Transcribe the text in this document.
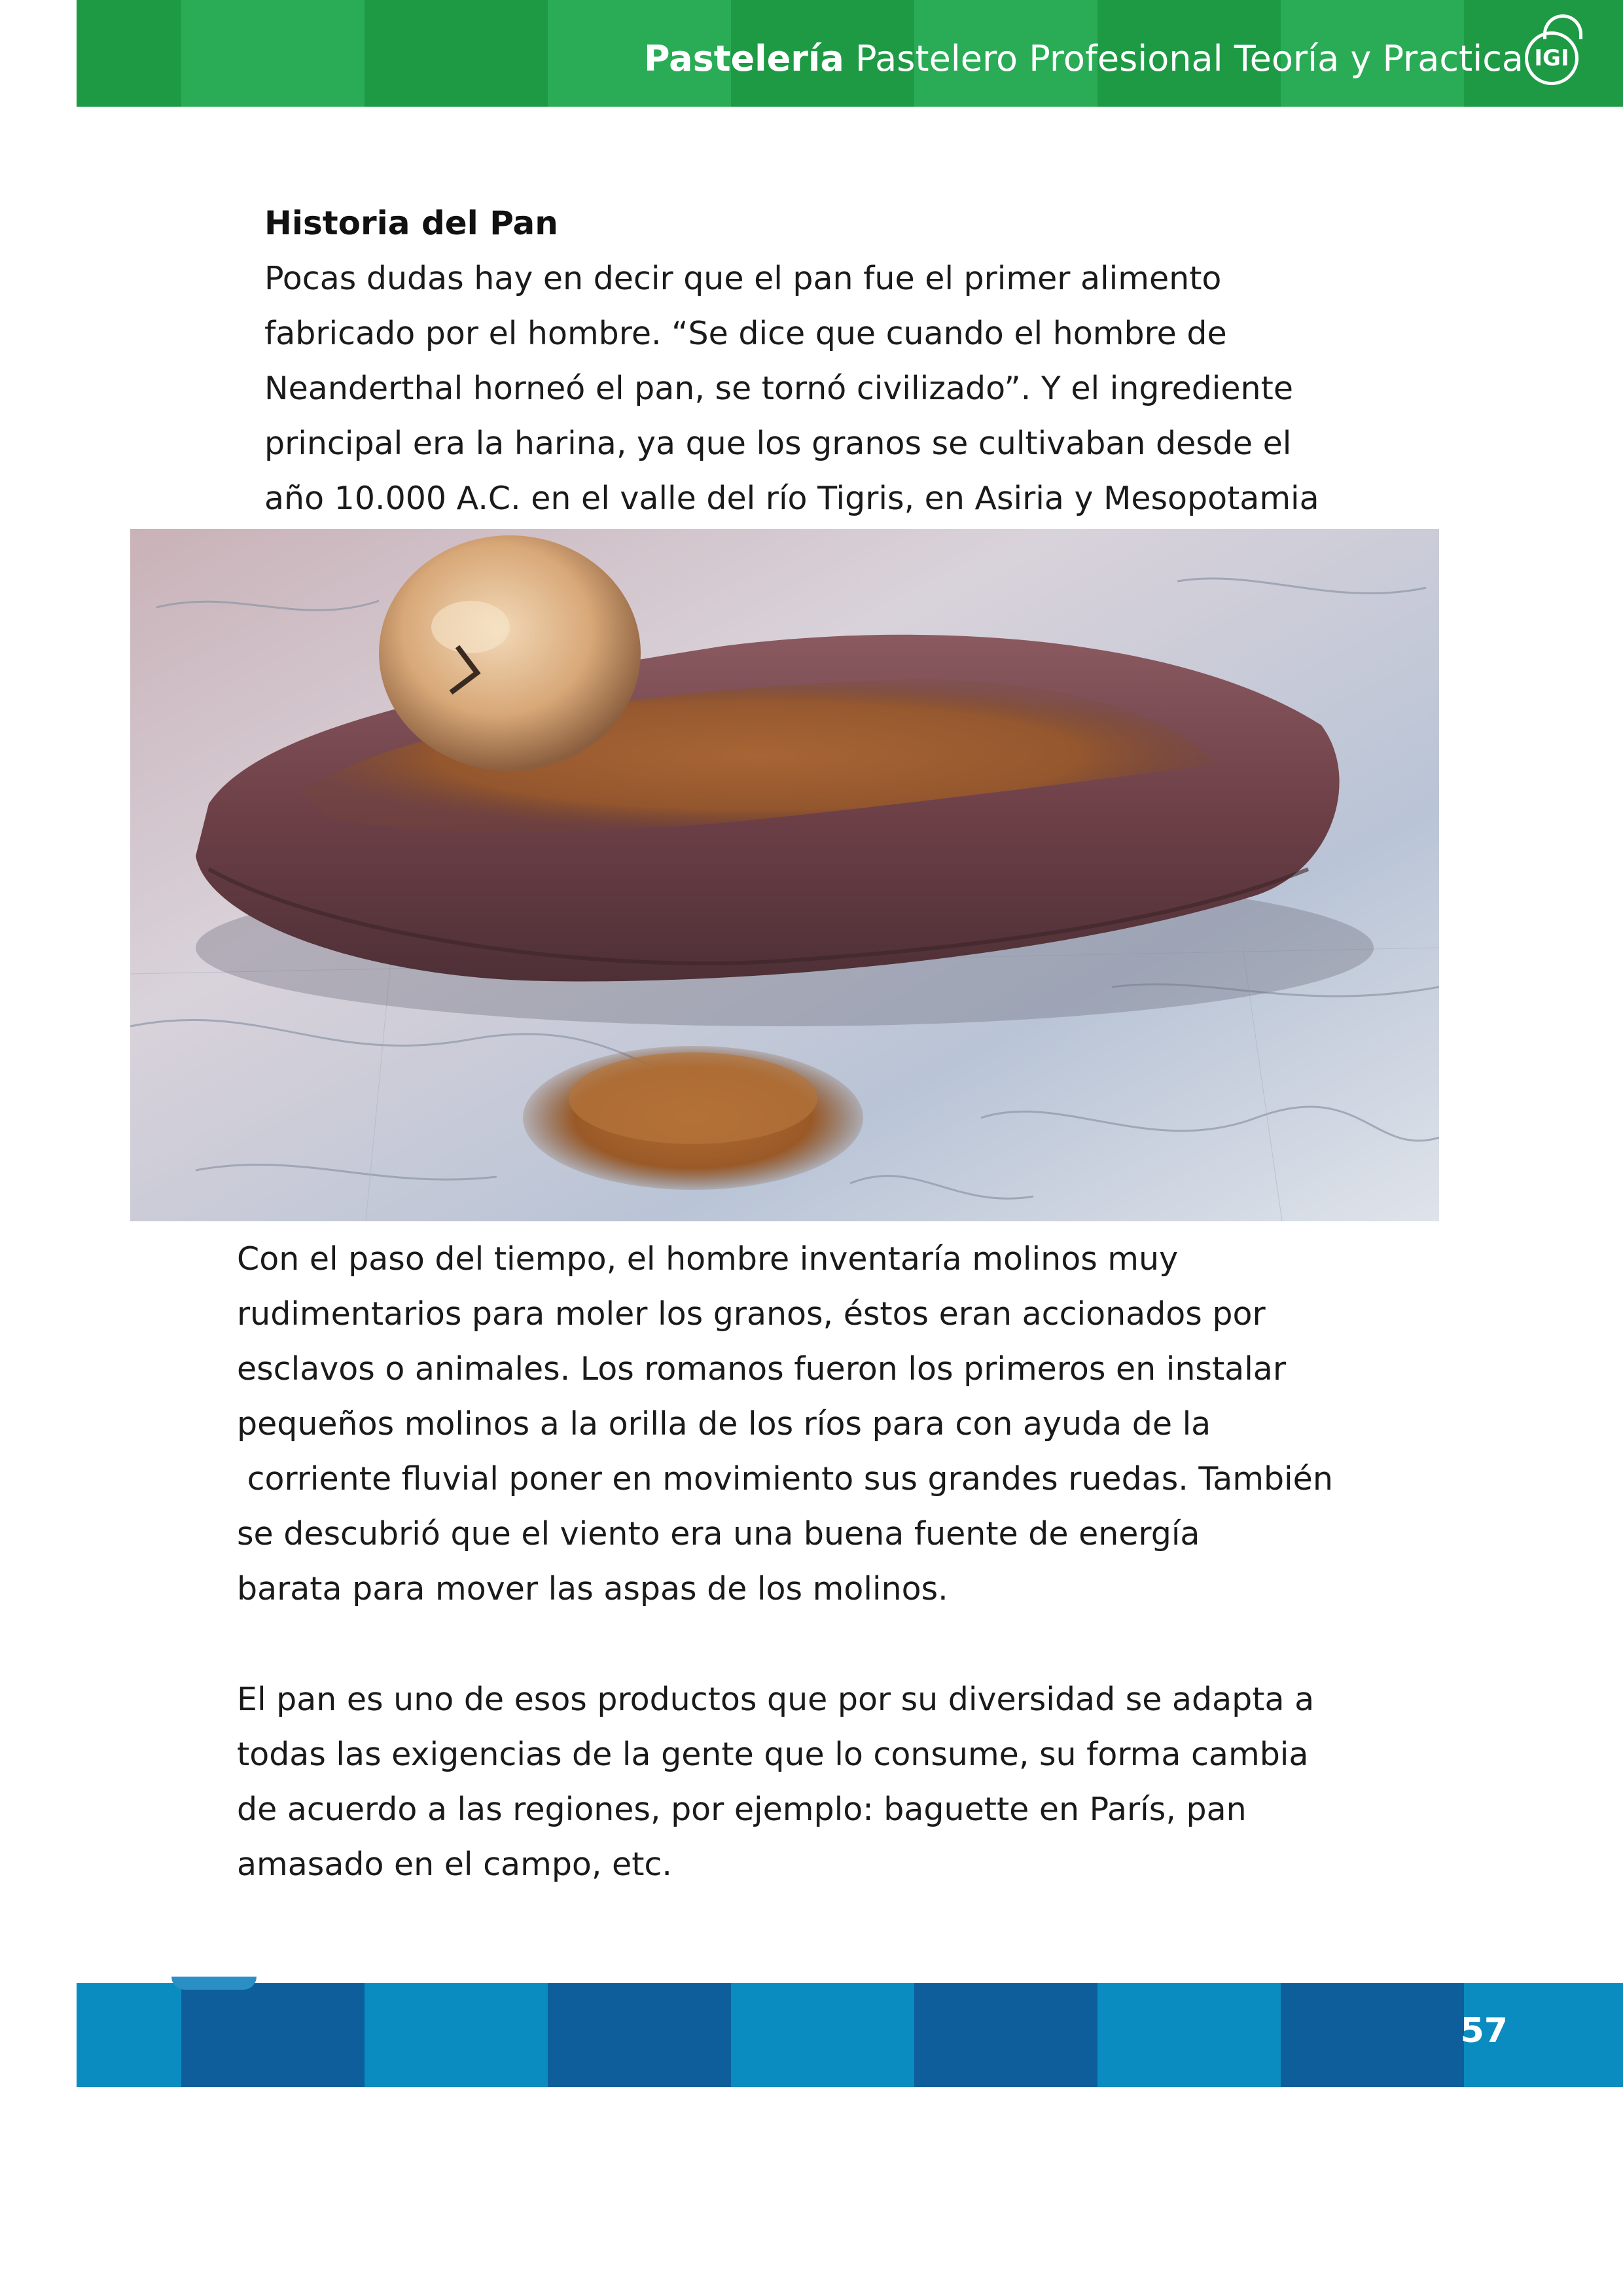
Pastelería Pastelero Profesional Teoría y Practica IGI
Historia del Pan
Pocas dudas hay en decir que el pan fue el primer alimento
fabricado por el hombre. “Se dice que cuando el hombre de
Neanderthal horneó el pan, se tornó civilizado”. Y el ingrediente
principal era la harina, ya que los granos se cultivaban desde el
año 10.000 A.C. en el valle del río Tigris, en Asiria y Mesopotamia
Con el paso del tiempo, el hombre inventaría molinos muy
rudimentarios para moler los granos, éstos eran accionados por
esclavos o animales. Los romanos fueron los primeros en instalar
pequeños molinos a la orilla de los ríos para con ayuda de la
corriente fluvial poner en movimiento sus grandes ruedas. También
se descubrió que el viento era una buena fuente de energía
barata para mover las aspas de los molinos.
El pan es uno de esos productos que por su diversidad se adapta a
todas las exigencias de la gente que lo consume, su forma cambia
de acuerdo a las regiones, por ejemplo: baguette en París, pan
amasado en el campo, etc.
57
